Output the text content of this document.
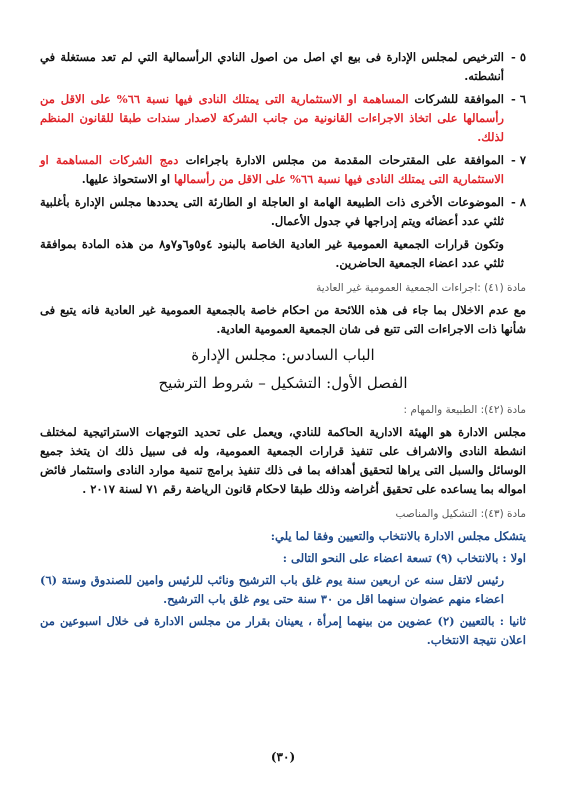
٥ -
الترخيص لمجلس الإدارة فى بيع اي اصل من اصول النادي الرأسمالية التي لم تعد مستغلة في أنشطته.
٦ -
الموافقة للشركات المساهمة او الاستثمارية التى يمتلك النادى فيها نسبة ٦٦% على الاقل من رأسمالها على اتخاذ الاجراءات القانونية من جانب الشركة لاصدار سندات طبقا للقانون المنظم لذلك.
٧ -
الموافقة على المقترحات المقدمة من مجلس الادارة باجراءات دمج الشركات المساهمة او الاستثمارية التى يمتلك النادى فيها نسبة ٦٦% على الاقل من رأسمالها او الاستحواذ عليها.
٨ -
الموضوعات الأخرى ذات الطبيعة الهامة او العاجلة او الطارئة التى يحددها مجلس الإدارة بأغلبية ثلثي عدد أعضائه ويتم إدراجها في جدول الأعمال.

وتكون قرارات الجمعية العمومية غير العادية الخاصة بالبنود ٤و٥و٦و٧و٨ من هذه المادة بموافقة ثلثي عدد اعضاء الجمعية الحاضرين.

مادة (٤١) :اجراءات الجمعية العمومية غير العادية

مع عدم الاخلال بما جاء فى هذه اللائحة من احكام خاصة بالجمعية العمومية غير العادية فانه يتبع فى شأنها ذات الاجراءات التى تتبع فى شان الجمعية العمومية العادية.

الباب السادس: مجلس الإدارة
الفصل الأول: التشكيل – شروط الترشيح
مادة (٤٢): الطبيعة والمهام :

مجلس الادارة هو الهيئة الادارية الحاكمة للنادي، ويعمل على تحديد التوجهات الاستراتيجية لمختلف انشطة النادى والاشراف على تنفيذ قرارات الجمعية العمومية، وله فى سبيل ذلك ان يتخذ جميع الوسائل والسبل التى يراها لتحقيق أهدافه بما فى ذلك تنفيذ برامج تنمية موارد النادى واستثمار فائض امواله بما يساعده على تحقيق أغراضه وذلك طبقا لاحكام قانون الرياضة رقم ٧١ لسنة ٢٠١٧ .

مادة (٤٣): التشكيل والمناصب

يتشكل مجلس الادارة بالانتخاب والتعيين وفقا لما يلي:

اولا : بالانتخاب (٩) تسعة اعضاء على النحو التالى :

رئيس لاتقل سنه عن اربعين سنة يوم غلق باب الترشيح ونائب للرئيس وامين للصندوق وستة (٦) اعضاء منهم عضوان سنهما اقل من ٣٠ سنة حتى يوم غلق باب الترشيح.

ثانيا : بالتعيين (٢) عضوين من بينهما إمرأة ، يعينان بقرار من مجلس الادارة فى خلال اسبوعين من اعلان نتيجة الانتخاب.

(٣٠)
